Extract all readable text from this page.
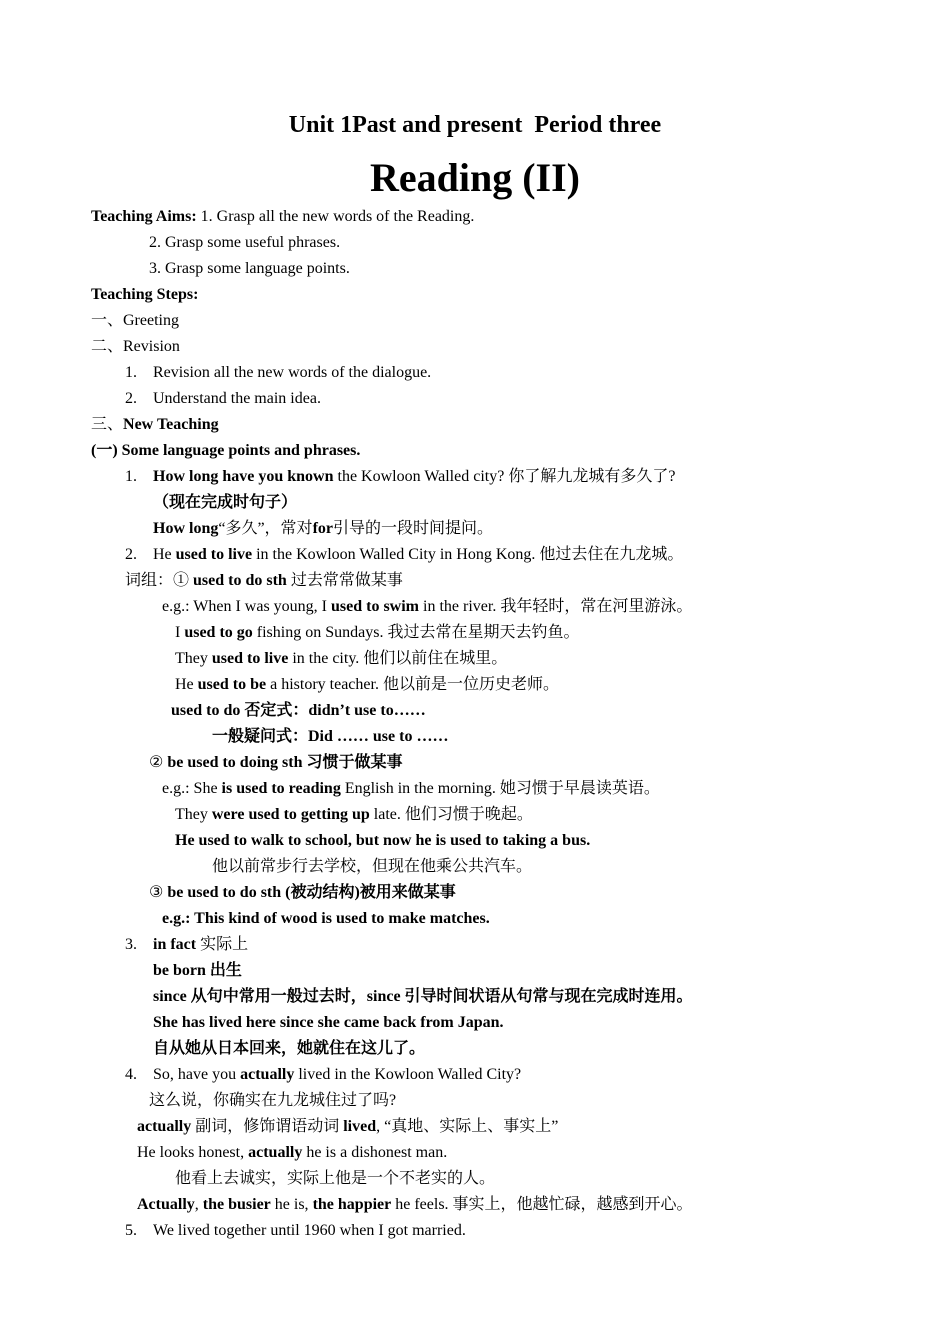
Unit 1Past and present  Period three
Reading (II)
Teaching Aims: 1. Grasp all the new words of the Reading.
2. Grasp some useful phrases.
3. Grasp some language points.
Teaching Steps:
一、Greeting
二、Revision
1. Revision all the new words of the dialogue.
2. Understand the main idea.
三、New Teaching
(一) Some language points and phrases.
1. How long have you known the Kowloon Walled city? 你了解九龙城有多久了?
（现在完成时句子）
How long“多久”，常对for引导的一段时间提问。
2. He used to live in the Kowloon Walled City in Hong Kong. 他过去住在九龙城。
词组：① used to do sth 过去常常做某事
e.g.: When I was young, I used to swim in the river. 我年轻时，常在河里游泳。
I used to go fishing on Sundays. 我过去常在星期天去钓鱼。
They used to live in the city. 他们以前住在城里。
He used to be a history teacher. 他以前是一位历史老师。
used to do 否定式：didn’t use to……
一般疑问式：Did …… use to ……
② be used to doing sth 习惯于做某事
e.g.: She is used to reading English in the morning. 她习惯于早晨读英语。
They were used to getting up late. 他们习惯于晚起。
He used to walk to school, but now he is used to taking a bus.
他以前常步行去学校，但现在他乘公共汽车。
③ be used to do sth (被动结构)被用来做某事
e.g.: This kind of wood is used to make matches.
3. in fact 实际上
be born 出生
since 从句中常用一般过去时，since 引导时间状语从句常与现在完成时连用。
She has lived here since she came back from Japan.
自从她从日本回来，她就住在这儿了。
4. So, have you actually lived in the Kowloon Walled City?
这么说，你确实在九龙城住过了吗?
actually 副词，修饰谓语动词 lived, “真地、实际上、事实上”
He looks honest, actually he is a dishonest man.
他看上去诚实，实际上他是一个不老实的人。
Actually, the busier he is, the happier he feels. 事实上，他越忙碌，越感到开心。
5. We lived together until 1960 when I got married.
